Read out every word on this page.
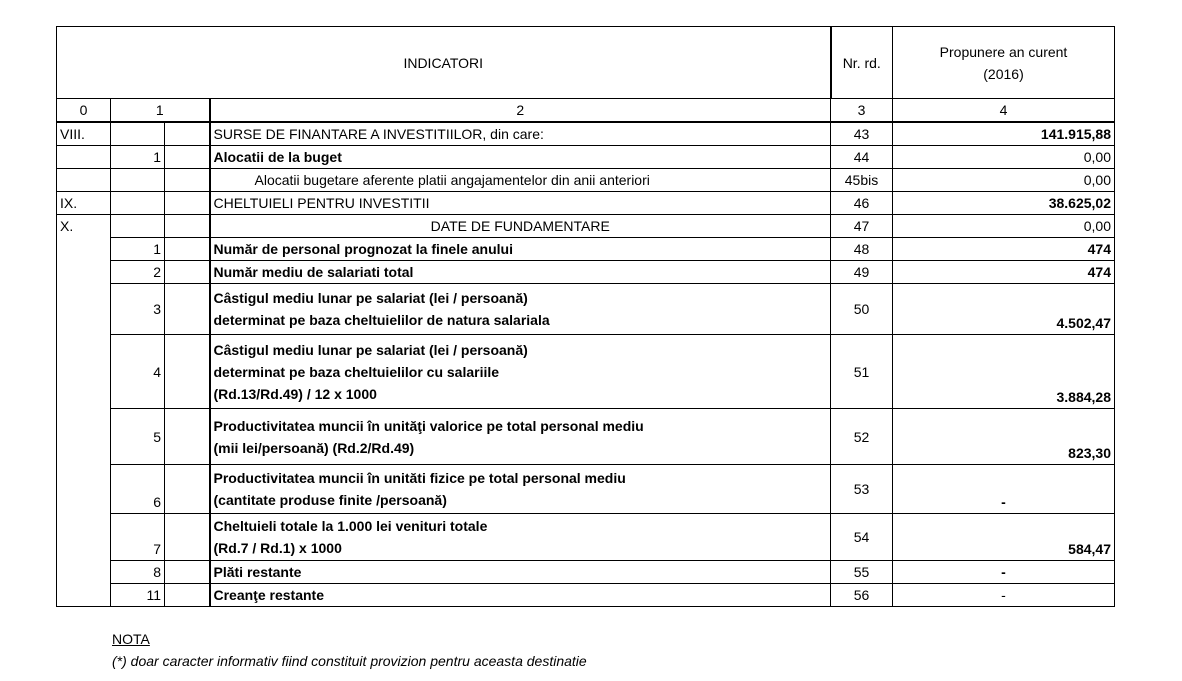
INDICATORI				Nr. rd.	Propunere an curent
(2016)

0	1		2	3	4
VIII.			SURSE DE FINANTARE A INVESTITIILOR, din care:	43	141.915,88
	1		Alocatii de la buget	44	0,00
			Alocatii bugetare aferente platii angajamentelor din anii anteriori	45bis	0,00
IX.			CHELTUIELI PENTRU INVESTITII	46	38.625,02
X.			DATE DE FUNDAMENTARE	47	0,00
	1		Număr de personal prognozat la finele anului	48	474
	2		Număr mediu de salariati total	49	474
	3		Câstigul mediu lunar pe salariat (lei / persoană)
determinat pe baza cheltuielilor de natura salariala	50	4.502,47
	4		Câstigul mediu lunar pe salariat (lei / persoană)
determinat pe baza cheltuielilor cu salariile
(Rd.13/Rd.49) / 12 x 1000	51	3.884,28
	5		Productivitatea muncii în unităţi valorice pe total personal mediu
(mii lei/persoană) (Rd.2/Rd.49)	52	823,30
	6		Productivitatea muncii în unităti fizice pe total personal mediu
(cantitate produse finite /persoană)	53	-
	7		Cheltuieli totale la 1.000 lei venituri totale
(Rd.7 / Rd.1) x 1000	54	584,47
	8		Plăti restante	55	-
	11		Creanţe restante	56	-
NOTA
(*) doar caracter informativ fiind constituit provizion pentru aceasta destinatie
